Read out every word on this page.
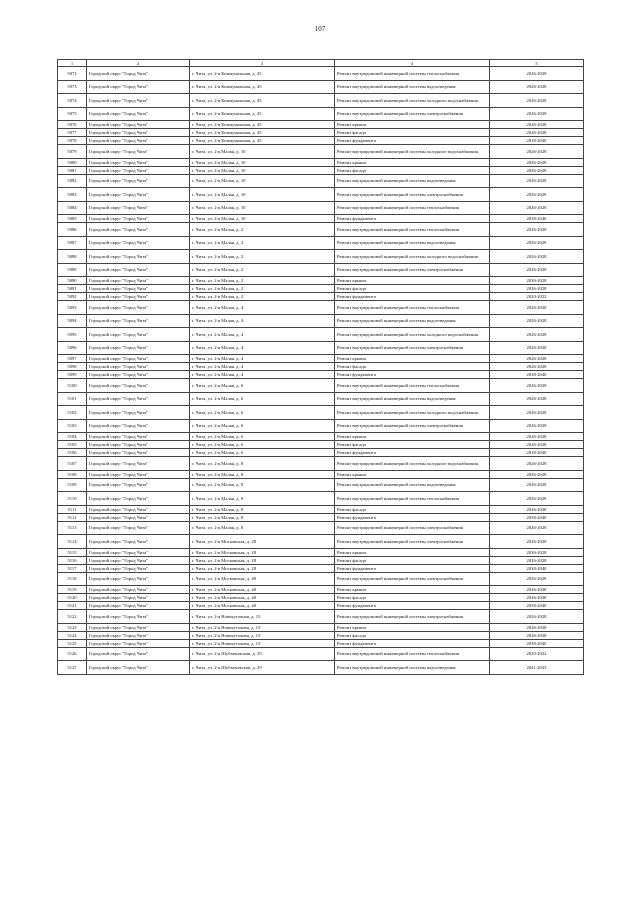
107
1	2	3	4	5
5072	Городской округ "Город Чита"	г. Чита, ул. 2-я Коммунальная, д. 45	Ремонт внутридомовой инженерной системы теплоснабжения	2026-2028
5073	Городской округ "Город Чита"	г. Чита, ул. 2-я Коммунальная, д. 45	Ремонт внутридомовой инженерной системы водоотведения	2026-2028
5074	Городской округ "Город Чита"	г. Чита, ул. 2-я Коммунальная, д. 45	Ремонт внутридомовой инженерной системы холодного водоснабжения	2026-2028
5075	Городской округ "Город Чита"	г. Чита, ул. 2-я Коммунальная, д. 45	Ремонт внутридомовой инженерной системы электроснабжения	2026-2028
5076	Городской округ "Город Чита"	г. Чита, ул. 2-я Коммунальная, д. 45	Ремонт крыши	2026-2028
5077	Городской округ "Город Чита"	г. Чита, ул. 2-я Коммунальная, д. 45	Ремонт фасада	2026-2028
5078	Городской округ "Город Чита"	г. Чита, ул. 2-я Коммунальная, д. 45	Ремонт фундамента	2038-2040
5079	Городской округ "Город Чита"	г. Чита, ул. 2-я Малая, д. 10	Ремонт внутридомовой инженерной системы холодного водоснабжения	2026-2028
5080	Городской округ "Город Чита"	г. Чита, ул. 2-я Малая, д. 10	Ремонт крыши	2026-2028
5081	Городской округ "Город Чита"	г. Чита, ул. 2-я Малая, д. 10	Ремонт фасада	2026-2028
5082	Городской округ "Город Чита"	г. Чита, ул. 2-я Малая, д. 10	Ремонт внутридомовой инженерной системы водоотведения	2026-2028
5083	Городской округ "Город Чита"	г. Чита, ул. 2-я Малая, д. 10	Ремонт внутридомовой инженерной системы электроснабжения	2026-2028
5084	Городской округ "Город Чита"	г. Чита, ул. 2-я Малая, д. 10	Ремонт внутридомовой инженерной системы теплоснабжения	2026-2028
5085	Городской округ "Город Чита"	г. Чита, ул. 2-я Малая, д. 10	Ремонт фундамента	2038-2040
5086	Городской округ "Город Чита"	г. Чита, ул. 2-я Малая, д. 2	Ремонт внутридомовой инженерной системы теплоснабжения	2026-2028
5087	Городской округ "Город Чита"	г. Чита, ул. 2-я Малая, д. 2	Ремонт внутридомовой инженерной системы водоотведения	2026-2028
5088	Городской округ "Город Чита"	г. Чита, ул. 2-я Малая, д. 2	Ремонт внутридомовой инженерной системы холодного водоснабжения	2026-2028
5089	Городской округ "Город Чита"	г. Чита, ул. 2-я Малая, д. 2	Ремонт внутридомовой инженерной системы электроснабжения	2026-2028
5090	Городской округ "Город Чита"	г. Чита, ул. 2-я Малая, д. 2	Ремонт крыши	2026-2028
5091	Городской округ "Город Чита"	г. Чита, ул. 2-я Малая, д. 2	Ремонт фасада	2026-2028
5092	Городской округ "Город Чита"	г. Чита, ул. 2-я Малая, д. 2	Ремонт фундамента	2020-2022
5093	Городской округ "Город Чита"	г. Чита, ул. 2-я Малая, д. 4	Ремонт внутридомовой инженерной системы теплоснабжения	2026-2028
5094	Городской округ "Город Чита"	г. Чита, ул. 2-я Малая, д. 4	Ремонт внутридомовой инженерной системы водоотведения	2026-2028
5095	Городской округ "Город Чита"	г. Чита, ул. 2-я Малая, д. 4	Ремонт внутридомовой инженерной системы холодного водоснабжения	2026-2028
5096	Городской округ "Город Чита"	г. Чита, ул. 2-я Малая, д. 4	Ремонт внутридомовой инженерной системы электроснабжения	2026-2028
5097	Городской округ "Город Чита"	г. Чита, ул. 2-я Малая, д. 4	Ремонт крыши	2026-2028
5098	Городской округ "Город Чита"	г. Чита, ул. 2-я Малая, д. 4	Ремонт фасада	2026-2028
5099	Городской округ "Город Чита"	г. Чита, ул. 2-я Малая, д. 4	Ремонт фундамента	2038-2040
5100	Городской округ "Город Чита"	г. Чита, ул. 2-я Малая, д. 6	Ремонт внутридомовой инженерной системы теплоснабжения	2026-2028
5101	Городской округ "Город Чита"	г. Чита, ул. 2-я Малая, д. 6	Ремонт внутридомовой инженерной системы водоотведения	2026-2028
5102	Городской округ "Город Чита"	г. Чита, ул. 2-я Малая, д. 6	Ремонт внутридомовой инженерной системы холодного водоснабжения	2026-2028
5103	Городской округ "Город Чита"	г. Чита, ул. 2-я Малая, д. 6	Ремонт внутридомовой инженерной системы электроснабжения	2026-2028
5104	Городской округ "Город Чита"	г. Чита, ул. 2-я Малая, д. 6	Ремонт крыши	2026-2028
5105	Городской округ "Город Чита"	г. Чита, ул. 2-я Малая, д. 6	Ремонт фасада	2026-2028
5106	Городской округ "Город Чита"	г. Чита, ул. 2-я Малая, д. 6	Ремонт фундамента	2038-2040
5107	Городской округ "Город Чита"	г. Чита, ул. 2-я Малая, д. 8	Ремонт внутридомовой инженерной системы холодного водоснабжения	2026-2028
5108	Городской округ "Город Чита"	г. Чита, ул. 2-я Малая, д. 8	Ремонт крыши	2026-2028
5109	Городской округ "Город Чита"	г. Чита, ул. 2-я Малая, д. 8	Ремонт внутридомовой инженерной системы водоотведения	2026-2028
5110	Городской округ "Город Чита"	г. Чита, ул. 2-я Малая, д. 8	Ремонт внутридомовой инженерной системы теплоснабжения	2026-2028
5111	Городской округ "Город Чита"	г. Чита, ул. 2-я Малая, д. 8	Ремонт фасада	2026-2028
5112	Городской округ "Город Чита"	г. Чита, ул. 2-я Малая, д. 8	Ремонт фундамента	2038-2040
5113	Городской округ "Город Чита"	г. Чита, ул. 2-я Малая, д. 8	Ремонт внутридомовой инженерной системы электроснабжения	2026-2028
5114	Городской округ "Город Чита"	г. Чита, ул. 2-я Московская, д. 28	Ремонт внутридомовой инженерной системы электроснабжения	2026-2028
5115	Городской округ "Город Чита"	г. Чита, ул. 2-я Московская, д. 28	Ремонт крыши	2026-2028
5116	Городской округ "Город Чита"	г. Чита, ул. 2-я Московская, д. 28	Ремонт фасада	2026-2028
5117	Городской округ "Город Чита"	г. Чита, ул. 2-я Московская, д. 28	Ремонт фундамента	2038-2040
5118	Городской округ "Город Чита"	г. Чита, ул. 2-я Московская, д. 40	Ремонт внутридомовой инженерной системы электроснабжения	2026-2028
5119	Городской округ "Город Чита"	г. Чита, ул. 2-я Московская, д. 40	Ремонт крыши	2026-2028
5120	Городской округ "Город Чита"	г. Чита, ул. 2-я Московская, д. 40	Ремонт фасада	2026-2028
5121	Городской округ "Город Чита"	г. Чита, ул. 2-я Московская, д. 40	Ремонт фундамента	2038-2040
5122	Городской округ "Город Чита"	г. Чита, ул. 2-я Новокуточная, д. 15	Ремонт внутридомовой инженерной системы электроснабжения	2026-2028
5123	Городской округ "Город Чита"	г. Чита, ул. 2-я Новокуточная, д. 15	Ремонт крыши	2026-2028
5124	Городской округ "Город Чита"	г. Чита, ул. 2-я Новокуточная, д. 15	Ремонт фасада	2026-2028
5125	Городской округ "Город Чита"	г. Чита, ул. 2-я Новокуточная, д. 15	Ремонт фундамента	2038-2040
5126	Городской округ "Город Чита"	г. Чита, ул. 2-я Шубзавожская, д. 29	Ремонт внутридомовой инженерной системы теплоснабжения	2020-2022
5127	Городской округ "Город Чита"	г. Чита, ул. 2-я Шубзавожская, д. 29	Ремонт внутридомовой инженерной системы водоотведения	2041-2043
